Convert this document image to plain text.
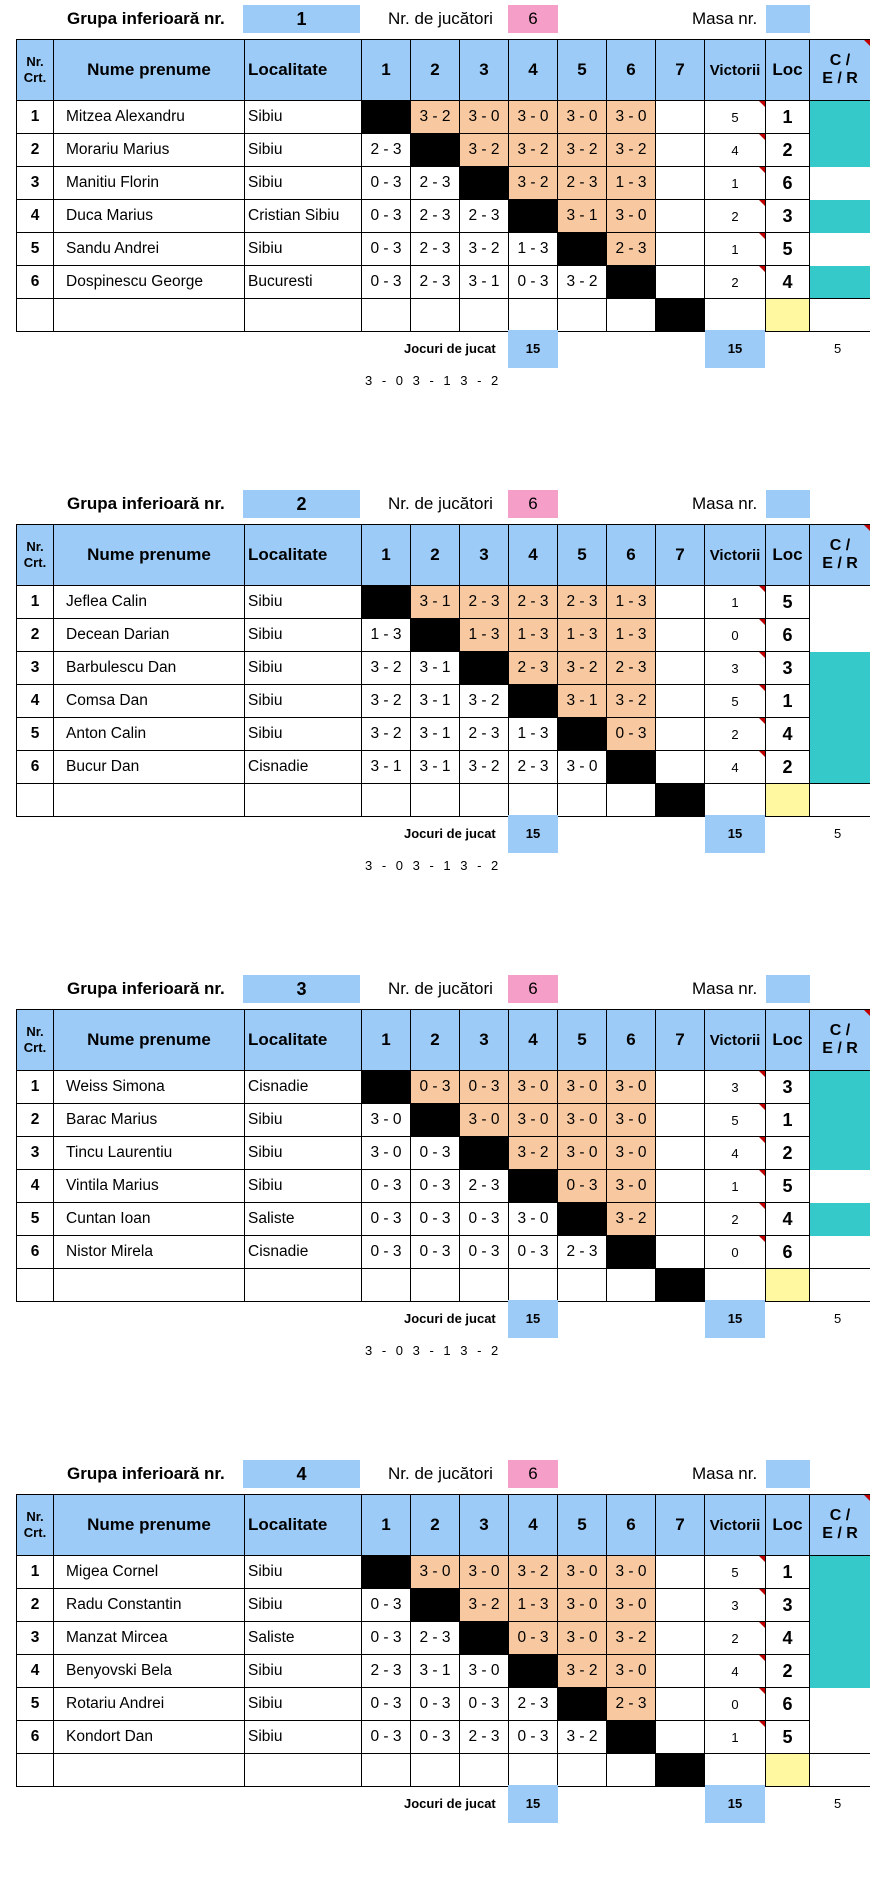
Grupa inferioară nr.	1	Nr. de jucători	6	Masa nr.
Nr.
Crt.	Nume prenume	Localitate	1	2	3	4	5	6	7	Victorii	Loc	C /
E / R
1	Mitzea Alexandru	Sibiu		3 - 2	3 - 0	3 - 0	3 - 0	3 - 0		5	1	
2	Morariu Marius	Sibiu	2 - 3		3 - 2	3 - 2	3 - 2	3 - 2		4	2	
3	Manitiu Florin	Sibiu	0 - 3	2 - 3		3 - 2	2 - 3	1 - 3		1	6	
4	Duca Marius	Cristian Sibiu	0 - 3	2 - 3	2 - 3		3 - 1	3 - 0		2	3	
5	Sandu Andrei	Sibiu	0 - 3	2 - 3	3 - 2	1 - 3		2 - 3		1	5	
6	Dospinescu George	Bucuresti	0 - 3	2 - 3	3 - 1	0 - 3	3 - 2			2	4	

Jocuri de jucat	15	15	5
3 - 0 3 - 1 3 - 2
Grupa inferioară nr.	2	Nr. de jucători	6	Masa nr.
Nr.
Crt.	Nume prenume	Localitate	1	2	3	4	5	6	7	Victorii	Loc	C /
E / R
1	Jeflea Calin	Sibiu		3 - 1	2 - 3	2 - 3	2 - 3	1 - 3		1	5	
2	Decean Darian	Sibiu	1 - 3		1 - 3	1 - 3	1 - 3	1 - 3		0	6	
3	Barbulescu Dan	Sibiu	3 - 2	3 - 1		2 - 3	3 - 2	2 - 3		3	3	
4	Comsa Dan	Sibiu	3 - 2	3 - 1	3 - 2		3 - 1	3 - 2		5	1	
5	Anton Calin	Sibiu	3 - 2	3 - 1	2 - 3	1 - 3		0 - 3		2	4	
6	Bucur Dan	Cisnadie	3 - 1	3 - 1	3 - 2	2 - 3	3 - 0			4	2	

Jocuri de jucat	15	15	5
3 - 0 3 - 1 3 - 2
Grupa inferioară nr.	3	Nr. de jucători	6	Masa nr.
Nr.
Crt.	Nume prenume	Localitate	1	2	3	4	5	6	7	Victorii	Loc	C /
E / R
1	Weiss Simona	Cisnadie		0 - 3	0 - 3	3 - 0	3 - 0	3 - 0		3	3	
2	Barac Marius	Sibiu	3 - 0		3 - 0	3 - 0	3 - 0	3 - 0		5	1	
3	Tincu Laurentiu	Sibiu	3 - 0	0 - 3		3 - 2	3 - 0	3 - 0		4	2	
4	Vintila Marius	Sibiu	0 - 3	0 - 3	2 - 3		0 - 3	3 - 0		1	5	
5	Cuntan Ioan	Saliste	0 - 3	0 - 3	0 - 3	3 - 0		3 - 2		2	4	
6	Nistor Mirela	Cisnadie	0 - 3	0 - 3	0 - 3	0 - 3	2 - 3			0	6	

Jocuri de jucat	15	15	5
3 - 0 3 - 1 3 - 2
Grupa inferioară nr.	4	Nr. de jucători	6	Masa nr.
Nr.
Crt.	Nume prenume	Localitate	1	2	3	4	5	6	7	Victorii	Loc	C /
E / R
1	Migea Cornel	Sibiu		3 - 0	3 - 0	3 - 2	3 - 0	3 - 0		5	1	
2	Radu Constantin	Sibiu	0 - 3		3 - 2	1 - 3	3 - 0	3 - 0		3	3	
3	Manzat Mircea	Saliste	0 - 3	2 - 3		0 - 3	3 - 0	3 - 2		2	4	
4	Benyovski Bela	Sibiu	2 - 3	3 - 1	3 - 0		3 - 2	3 - 0		4	2	
5	Rotariu Andrei	Sibiu	0 - 3	0 - 3	0 - 3	2 - 3		2 - 3		0	6	
6	Kondort Dan	Sibiu	0 - 3	0 - 3	2 - 3	0 - 3	3 - 2			1	5	

Jocuri de jucat	15	15	5
